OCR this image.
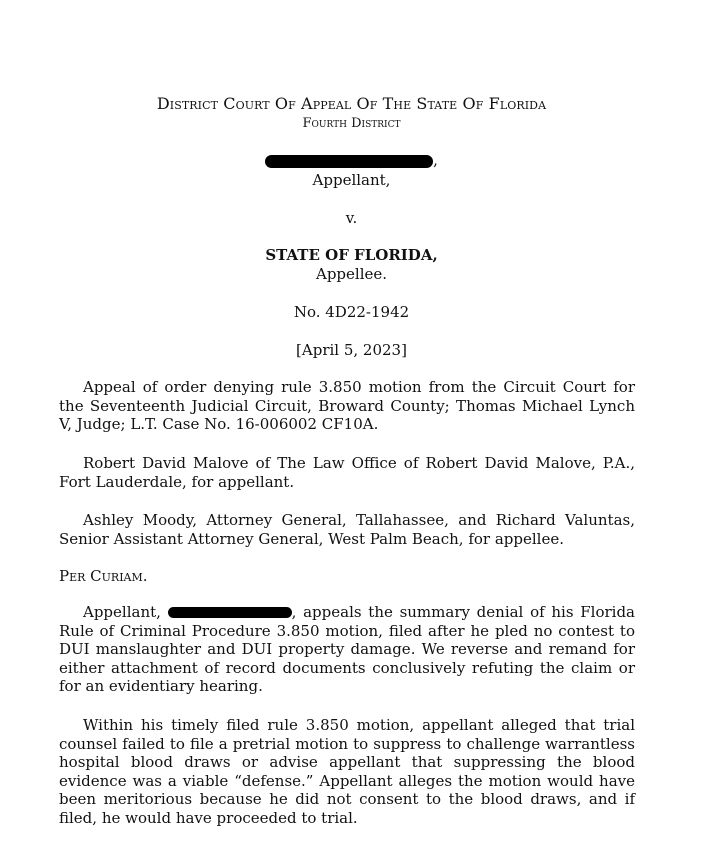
District Court Of Appeal Of The State Of Florida
Fourth District
,
Appellant,
v.
STATE OF FLORIDA,
Appellee.
No. 4D22-1942
[April 5, 2023]

Appeal of order denying rule 3.850 motion from the Circuit Court for the Seventeenth Judicial Circuit, Broward County; Thomas Michael Lynch V, Judge; L.T. Case No. 16-006002 CF10A.

Robert David Malove of The Law Office of Robert David Malove, P.A., Fort Lauderdale, for appellant.

Ashley Moody, Attorney General, Tallahassee, and Richard Valuntas, Senior Assistant Attorney General, West Palm Beach, for appellee.

Per Curiam.

Appellant,	, appeals the summary denial of his Florida Rule of Criminal Procedure 3.850 motion, filed after he pled no contest to DUI manslaughter and DUI property damage. We reverse and remand for either attachment of record documents conclusively refuting the claim or for an evidentiary hearing.

Within his timely filed rule 3.850 motion, appellant alleged that trial counsel failed to file a pretrial motion to suppress to challenge warrantless hospital blood draws or advise appellant that suppressing the blood evidence was a viable “defense.” Appellant alleges the motion would have been meritorious because he did not consent to the blood draws, and if filed, he would have proceeded to trial.
